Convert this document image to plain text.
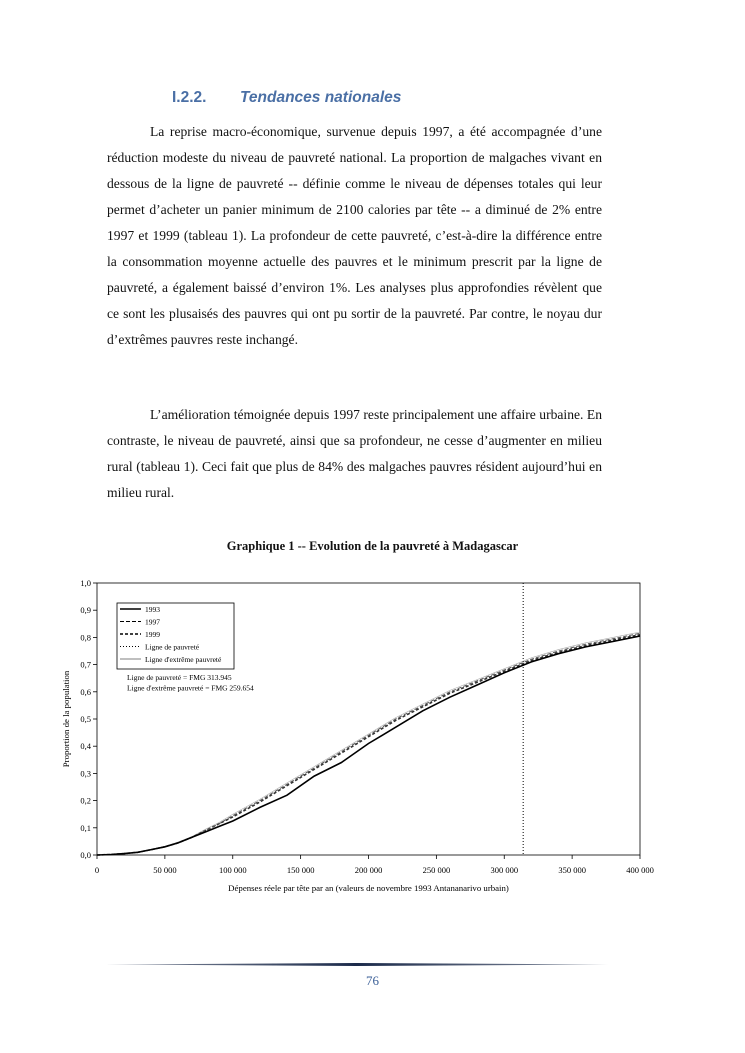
I.2.2. Tendances nationales

La reprise macro-économique, survenue depuis 1997, a été accompagnée d’une réduction modeste du niveau de pauvreté national. La proportion de malgaches vivant en dessous de la ligne de pauvreté -- définie comme le niveau de dépenses totales qui leur permet d’acheter un panier minimum de 2100 calories par tête -- a diminué de 2% entre 1997 et 1999 (tableau 1). La profondeur de cette pauvreté, c’est-à-dire la différence entre la consommation moyenne actuelle des pauvres et le minimum prescrit par la ligne de pauvreté, a également baissé d’environ 1%. Les analyses plus approfondies révèlent que ce sont les plusaisés des pauvres qui ont pu sortir de la pauvreté. Par contre, le noyau dur d’extrêmes pauvres reste inchangé.

L’amélioration témoignée depuis 1997 reste principalement une affaire urbaine. En contraste, le niveau de pauvreté, ainsi que sa profondeur, ne cesse d’augmenter en milieu rural (tableau 1). Ceci fait que plus de 84% des malgaches pauvres résident aujourd’hui en milieu rural.

Graphique 1 -- Evolution de la pauvreté à Madagascar
0,0
0,1
0,2
0,3
0,4
0,5
0,6
0,7
0,8
0,9
1,0
0	50 000	100 000	150 000	200 000	250 000	300 000	350 000	400 000
Dépenses réele par tête par an (valeurs de novembre 1993 Antananarivo urbain)
Proportion de la population	Ligne de pauvreté = FMG 313.945
Ligne d'extrême pauvreté = FMG 259.654
1993
1997
1999
Ligne de pauvreté
Ligne d'extrême pauvreté
76
